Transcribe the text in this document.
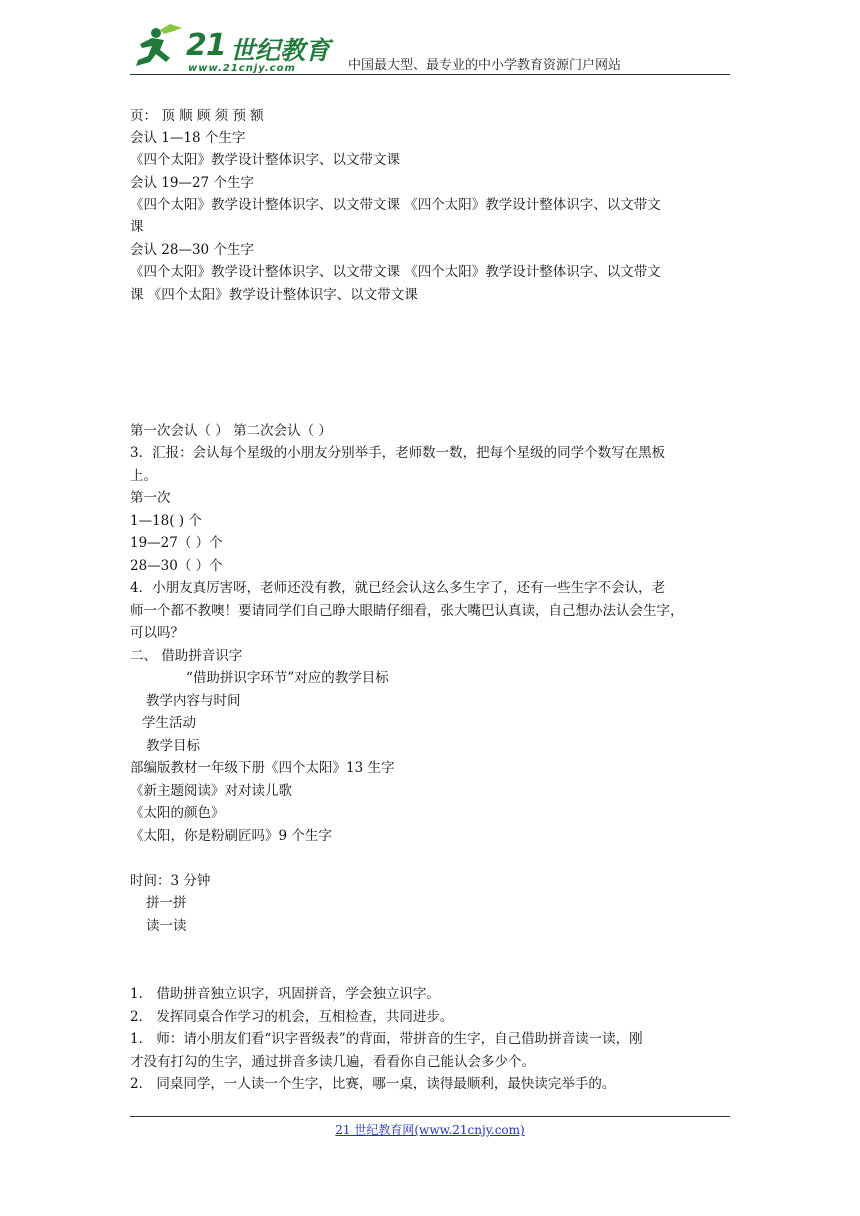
21 世纪教育
www.21cnjy.com	中国最大型、最专业的中小学教育资源门户网站
页： 顶 顺 顾 须 预 额
会认 1—18 个生字
《四个太阳》教学设计整体识字、以文带文课
会认 19—27 个生字
《四个太阳》教学设计整体识字、以文带文课 《四个太阳》教学设计整体识字、以文带文
课
会认 28—30 个生字
《四个太阳》教学设计整体识字、以文带文课 《四个太阳》教学设计整体识字、以文带文
课 《四个太阳》教学设计整体识字、以文带文课
第一次会认（ ） 第二次会认（ ）
3．汇报：会认每个星级的小朋友分别举手，老师数一数，把每个星级的同学个数写在黑板
上。
第一次
1—18( ) 个
19—27（ ）个
28—30（ ）个
4．小朋友真厉害呀，老师还没有教，就已经会认这么多生字了，还有一些生字不会认，老
师一个都不教噢！要请同学们自己睁大眼睛仔细看，张大嘴巴认真读，自己想办法认会生字，
可以吗？
二、 借助拼音识字
“借助拼识字环节”对应的教学目标
教学内容与时间
学生活动
教学目标
部编版教材一年级下册《四个太阳》13 生字
《新主题阅读》对对读儿歌
《太阳的颜色》
《太阳，你是粉刷匠吗》9 个生字
时间：3 分钟
拼一拼
读一读
1． 借助拼音独立识字，巩固拼音，学会独立识字。
2． 发挥同桌合作学习的机会，互相检查，共同进步。
1． 师：请小朋友们看“识字晋级表”的背面，带拼音的生字，自己借助拼音读一读，刚
才没有打勾的生字，通过拼音多读几遍，看看你自己能认会多少个。
2． 同桌同学，一人读一个生字，比赛，哪一桌，读得最顺利，最快读完举手的。
21 世纪教育网(www.21cnjy.com)
